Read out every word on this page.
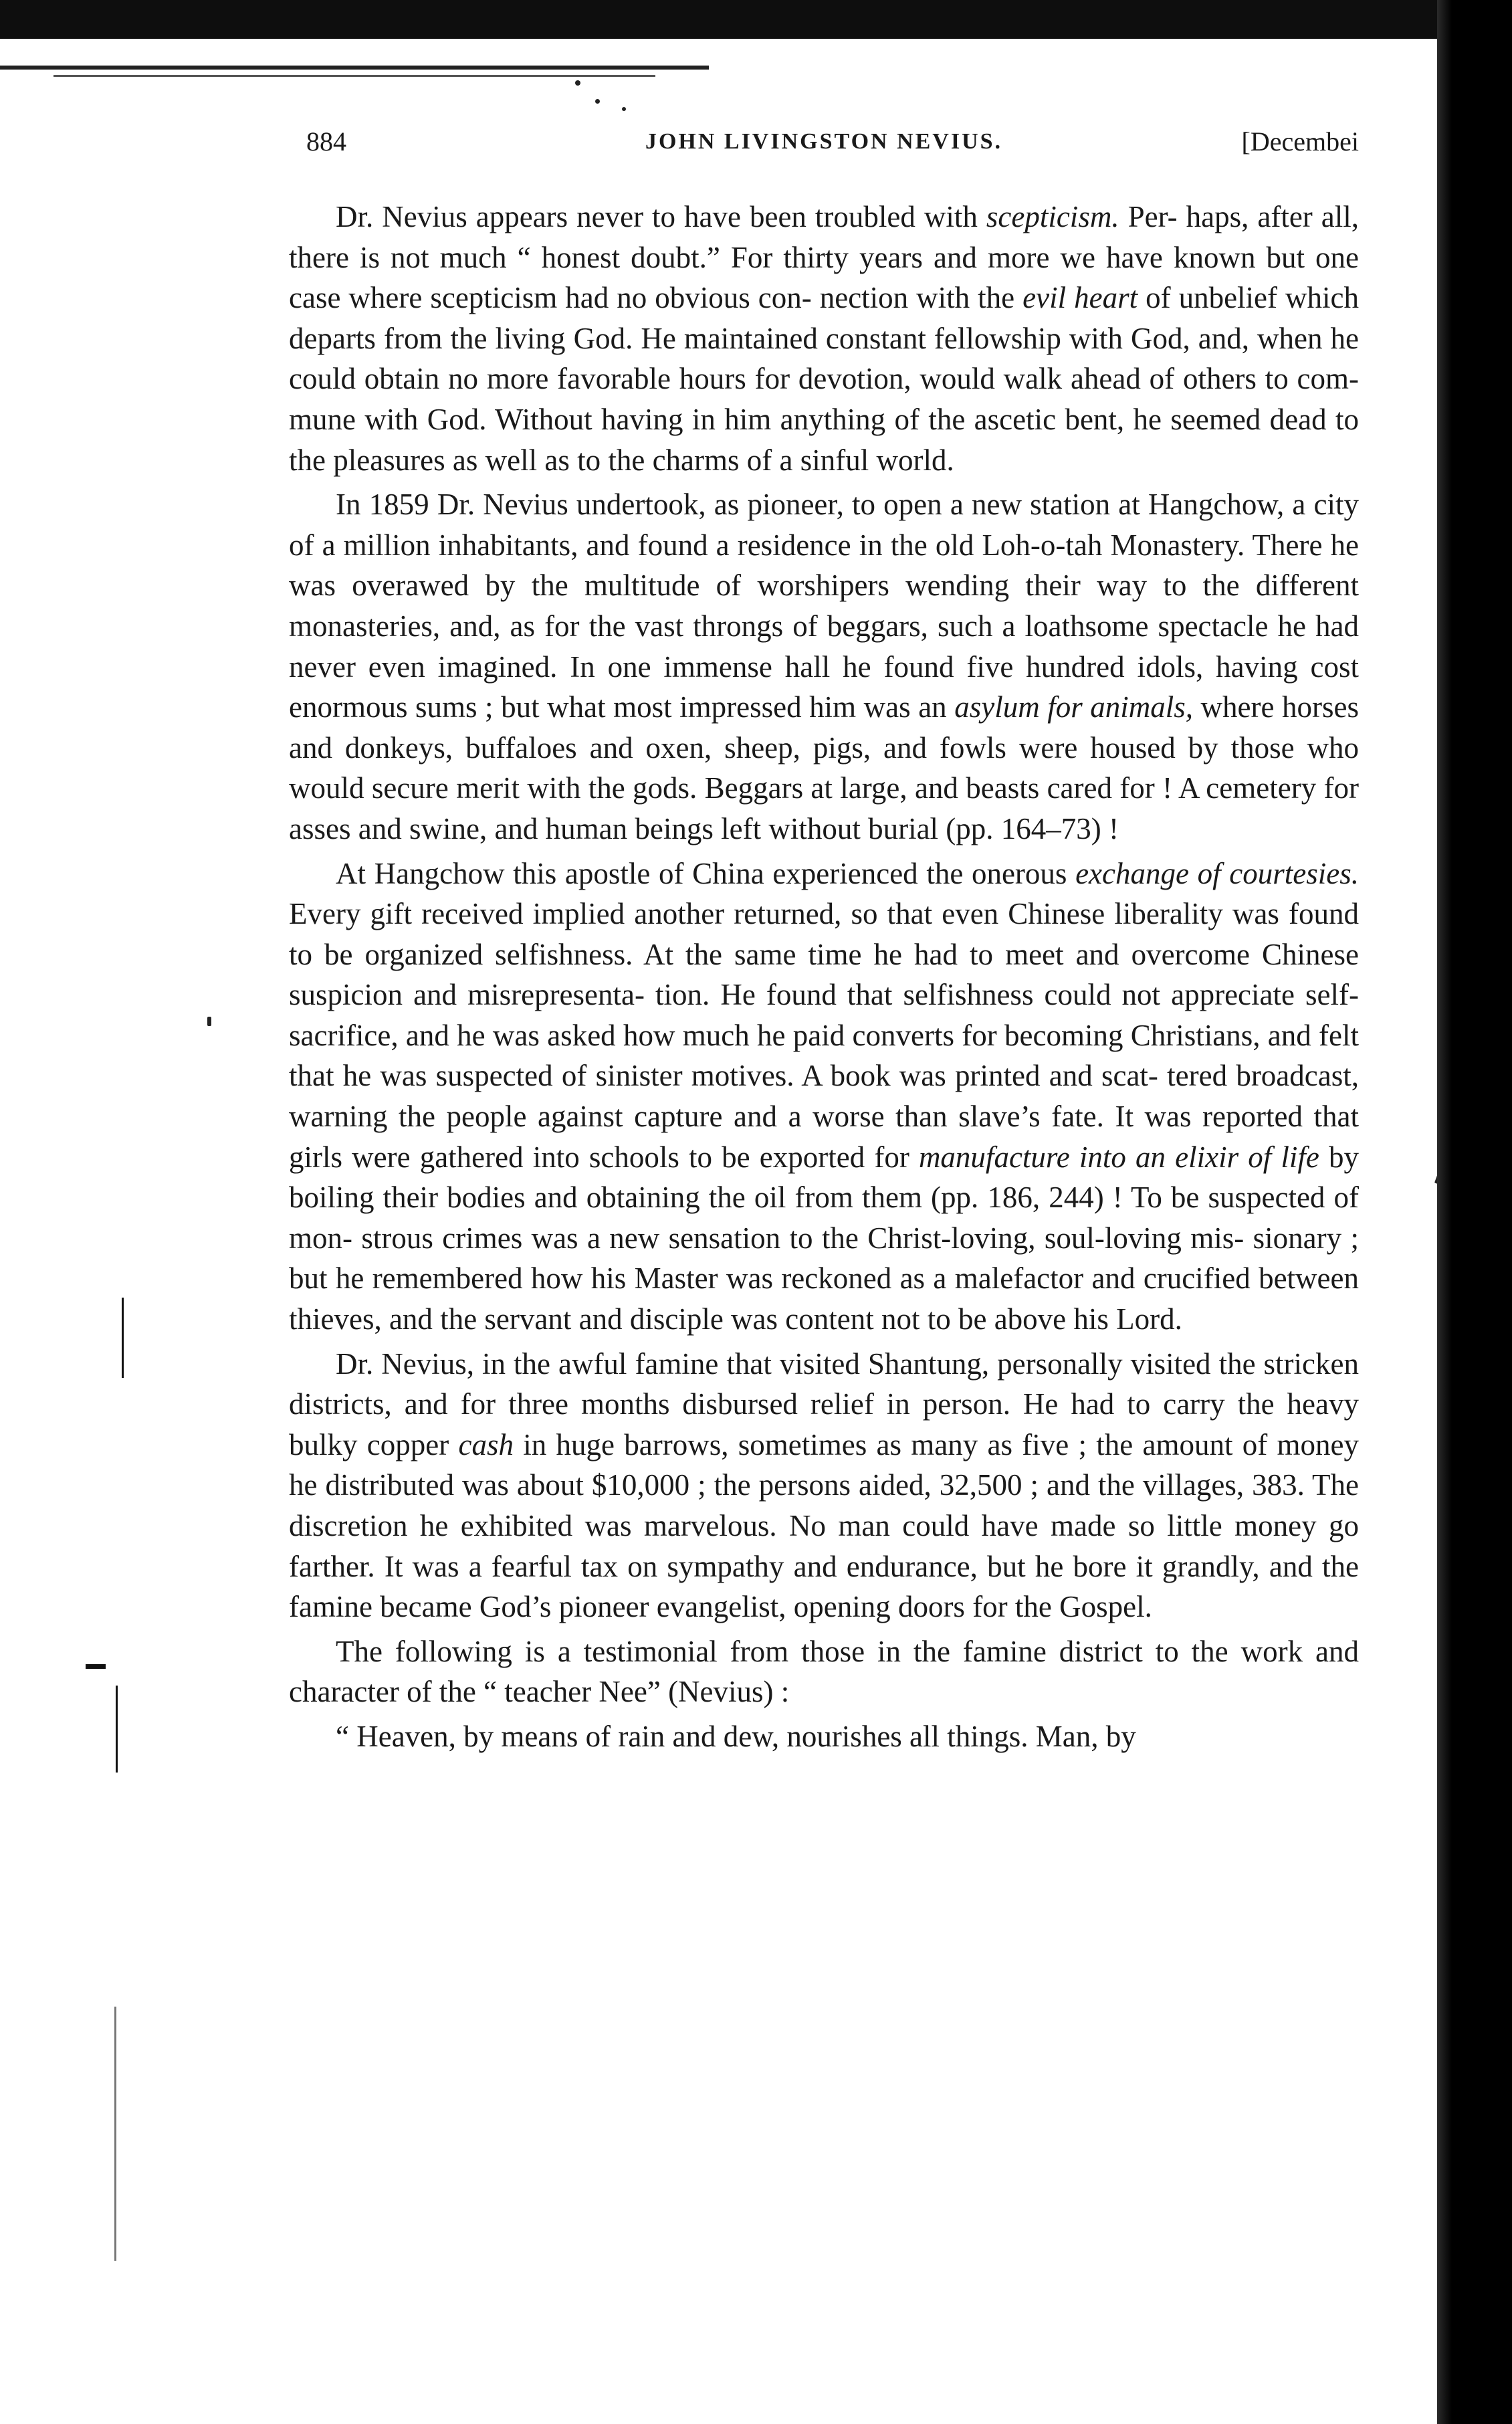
884	JOHN LIVINGSTON NEVIUS.	[Decembei

Dr. Nevius appears never to have been troubled with scepticism. Per- haps, after all, there is not much “ honest doubt.” For thirty years and more we have known but one case where scepticism had no obvious con- nection with the evil heart of unbelief which departs from the living God. He maintained constant fellowship with God, and, when he could obtain no more favorable hours for devotion, would walk ahead of others to com- mune with God. Without having in him anything of the ascetic bent, he seemed dead to the pleasures as well as to the charms of a sinful world.

In 1859 Dr. Nevius undertook, as pioneer, to open a new station at Hangchow, a city of a million inhabitants, and found a residence in the old Loh-o-tah Monastery. There he was overawed by the multitude of worshipers wending their way to the different monasteries, and, as for the vast throngs of beggars, such a loathsome spectacle he had never even imagined. In one immense hall he found five hundred idols, having cost enormous sums ; but what most impressed him was an asylum for animals, where horses and donkeys, buffaloes and oxen, sheep, pigs, and fowls were housed by those who would secure merit with the gods. Beggars at large, and beasts cared for ! A cemetery for asses and swine, and human beings left without burial (pp. 164–73) !

At Hangchow this apostle of China experienced the onerous exchange of courtesies. Every gift received implied another returned, so that even Chinese liberality was found to be organized selfishness. At the same time he had to meet and overcome Chinese suspicion and misrepresenta- tion. He found that selfishness could not appreciate self-sacrifice, and he was asked how much he paid converts for becoming Christians, and felt that he was suspected of sinister motives. A book was printed and scat- tered broadcast, warning the people against capture and a worse than slave’s fate. It was reported that girls were gathered into schools to be exported for manufacture into an elixir of life by boiling their bodies and obtaining the oil from them (pp. 186, 244) ! To be suspected of mon- strous crimes was a new sensation to the Christ-loving, soul-loving mis- sionary ; but he remembered how his Master was reckoned as a malefactor and crucified between thieves, and the servant and disciple was content not to be above his Lord.

Dr. Nevius, in the awful famine that visited Shantung, personally visited the stricken districts, and for three months disbursed relief in person. He had to carry the heavy bulky copper cash in huge barrows, sometimes as many as five ; the amount of money he distributed was about $10,000 ; the persons aided, 32,500 ; and the villages, 383. The discretion he exhibited was marvelous. No man could have made so little money go farther. It was a fearful tax on sympathy and endurance, but he bore it grandly, and the famine became God’s pioneer evangelist, opening doors for the Gospel.

The following is a testimonial from those in the famine district to the work and character of the “ teacher Nee” (Nevius) :

“ Heaven, by means of rain and dew, nourishes all things. Man, by
